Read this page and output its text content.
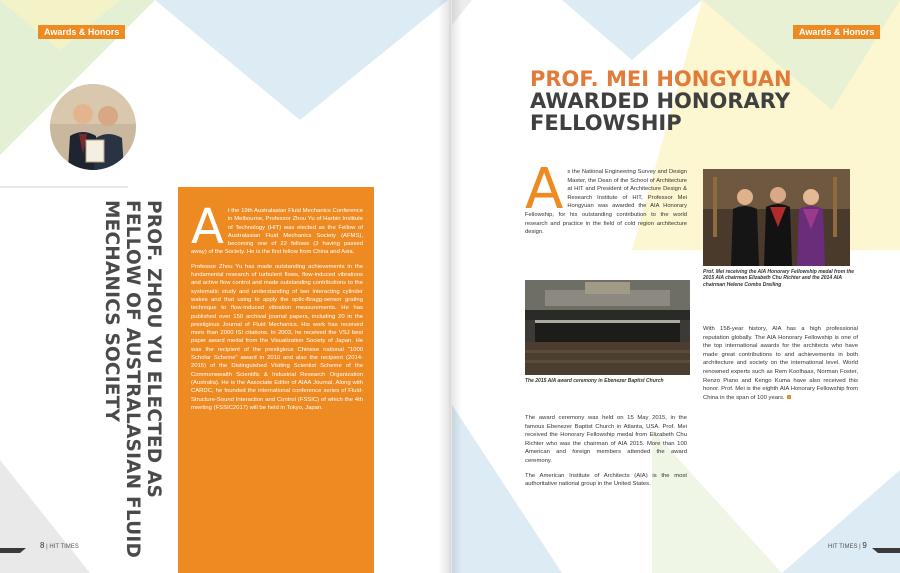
Awards & Honors
PROF. ZHOU YU ELECTED AS
FELLOW OF AUSTRALASIAN FLUID
MECHANICS SOCIETY At the 19th Australasian Fluid Mechanics Conference in Melbourne, Professor Zhou Yu of Harbin Institute of Technology (HIT) was elected as the Fellow of Australasian Fluid Mechanics Society (AFMS), becoming one of 22 fellows (3 having passed away) of the Society. He is the first fellow from China and Asia.
Professor Zhou Yu has made outstanding achievements in the fundamental research of turbulent flows, flow-induced vibrations and active flow control and made outstanding contributions to the systematic study and understanding of two interacting cylinder wakes and that using to apply the optic-Bragg-sensor grating technique to flow-induced vibration measurements. He has published over 150 archival journal papers, including 20 in the prestigious Journal of Fluid Mechanics. His work has received more than 2000 ISI citations. In 2003, he received the VSJ best paper award medal from the Visualization Society of Japan. He was the recipient of the prestigious Chinese national "1000 Scholar Scheme" award in 2010 and also the recipient (2014-2015) of the Distinguished Visiting Scientist Scheme of the Commonwealth Scientific & Industrial Research Organization (Australia). He is the Associate Editor of AIAA Journal. Along with CARDC, he founded the international conference series of Fluid-Structure-Sound Interaction and Control (FSSIC) of which the 4th meeting (FSSIC2017) will be held in Tokyo, Japan.
8 | HIT TIMES
Awards & Honors
PROF. MEI HONGYUAN
AWARDED HONORARY
FELLOWSHIP
As the National Engineering Survey and Design Master, the Dean of the School of Architecture at HIT and President of Architecture Design & Research Institute of HIT, Professor Mei Hongyuan was awarded the AIA Honorary Fellowship, for his outstanding contribution to the world research and practice in the field of cold region architecture design.
Prof. Mei receiving the AIA Honorary Fellowship medal from the 2015 AIA chairman Elizabeth Chu Richter and the 2014 AIA chairman Helene Combs Dreiling
The 2015 AIA award ceremony in Ebenezer Baptist Church
With 158-year history, AIA has a high professional reputation globally. The AIA Honorary Fellowship is one of the top international awards for the architects who have made great contributions to and achievements in both architecture and society on the international level. World renowned experts such as Rem Koolhaas, Norman Foster, Renzo Piano and Kengo Kuma have also received this honor. Prof. Mei is the eighth AIA Honorary Fellowship from China in the span of 100 years.
The award ceremony was held on 15 May 2015, in the famous Ebenezer Baptist Church in Atlanta, USA. Prof. Mei received the Honorary Fellowship medal from Elizabeth Chu Richter who was the chairman of AIA 2015. More than 100 American and foreign members attended the award ceremony.
The American Institute of Architects (AIA) is the most authoritative national group in the United States.
HIT TIMES | 9
